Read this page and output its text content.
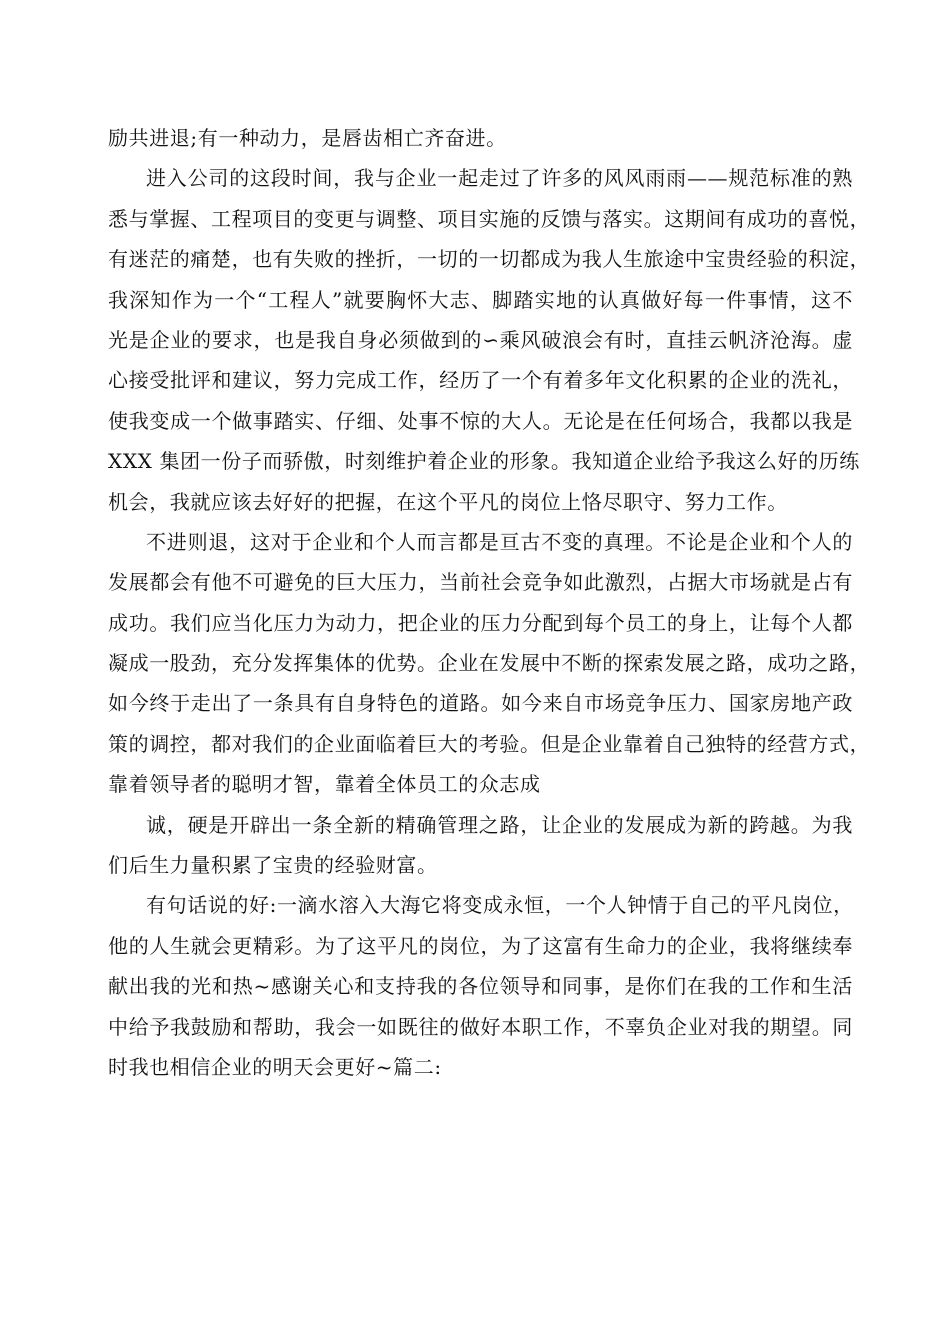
励共进退;有一种动力，是唇齿相亡齐奋进。
进入公司的这段时间，我与企业一起走过了许多的风风雨雨——规范标准的熟
悉与掌握、工程项目的变更与调整、项目实施的反馈与落实。这期间有成功的喜悦，
有迷茫的痛楚，也有失败的挫折，一切的一切都成为我人生旅途中宝贵经验的积淀，
我深知作为一个“工程人”就要胸怀大志、脚踏实地的认真做好每一件事情，这不
光是企业的要求，也是我自身必须做到的∽乘风破浪会有时，直挂云帆济沧海。虚
心接受批评和建议，努力完成工作，经历了一个有着多年文化积累的企业的洗礼，
使我变成一个做事踏实、仔细、处事不惊的大人。无论是在任何场合，我都以我是
XXX 集团一份子而骄傲，时刻维护着企业的形象。我知道企业给予我这么好的历练
机会，我就应该去好好的把握，在这个平凡的岗位上恪尽职守、努力工作。
不进则退，这对于企业和个人而言都是亘古不变的真理。不论是企业和个人的
发展都会有他不可避免的巨大压力，当前社会竞争如此激烈，占据大市场就是占有
成功。我们应当化压力为动力，把企业的压力分配到每个员工的身上，让每个人都
凝成一股劲，充分发挥集体的优势。企业在发展中不断的探索发展之路，成功之路，
如今终于走出了一条具有自身特色的道路。如今来自市场竞争压力、国家房地产政
策的调控，都对我们的企业面临着巨大的考验。但是企业靠着自己独特的经营方式，
靠着领导者的聪明才智，靠着全体员工的众志成
诚，硬是开辟出一条全新的精确管理之路，让企业的发展成为新的跨越。为我
们后生力量积累了宝贵的经验财富。
有句话说的好:一滴水溶入大海它将变成永恒，一个人钟情于自己的平凡岗位，
他的人生就会更精彩。为了这平凡的岗位，为了这富有生命力的企业，我将继续奉
献出我的光和热~感谢关心和支持我的各位领导和同事，是你们在我的工作和生活
中给予我鼓励和帮助，我会一如既往的做好本职工作，不辜负企业对我的期望。同
时我也相信企业的明天会更好~篇二:
